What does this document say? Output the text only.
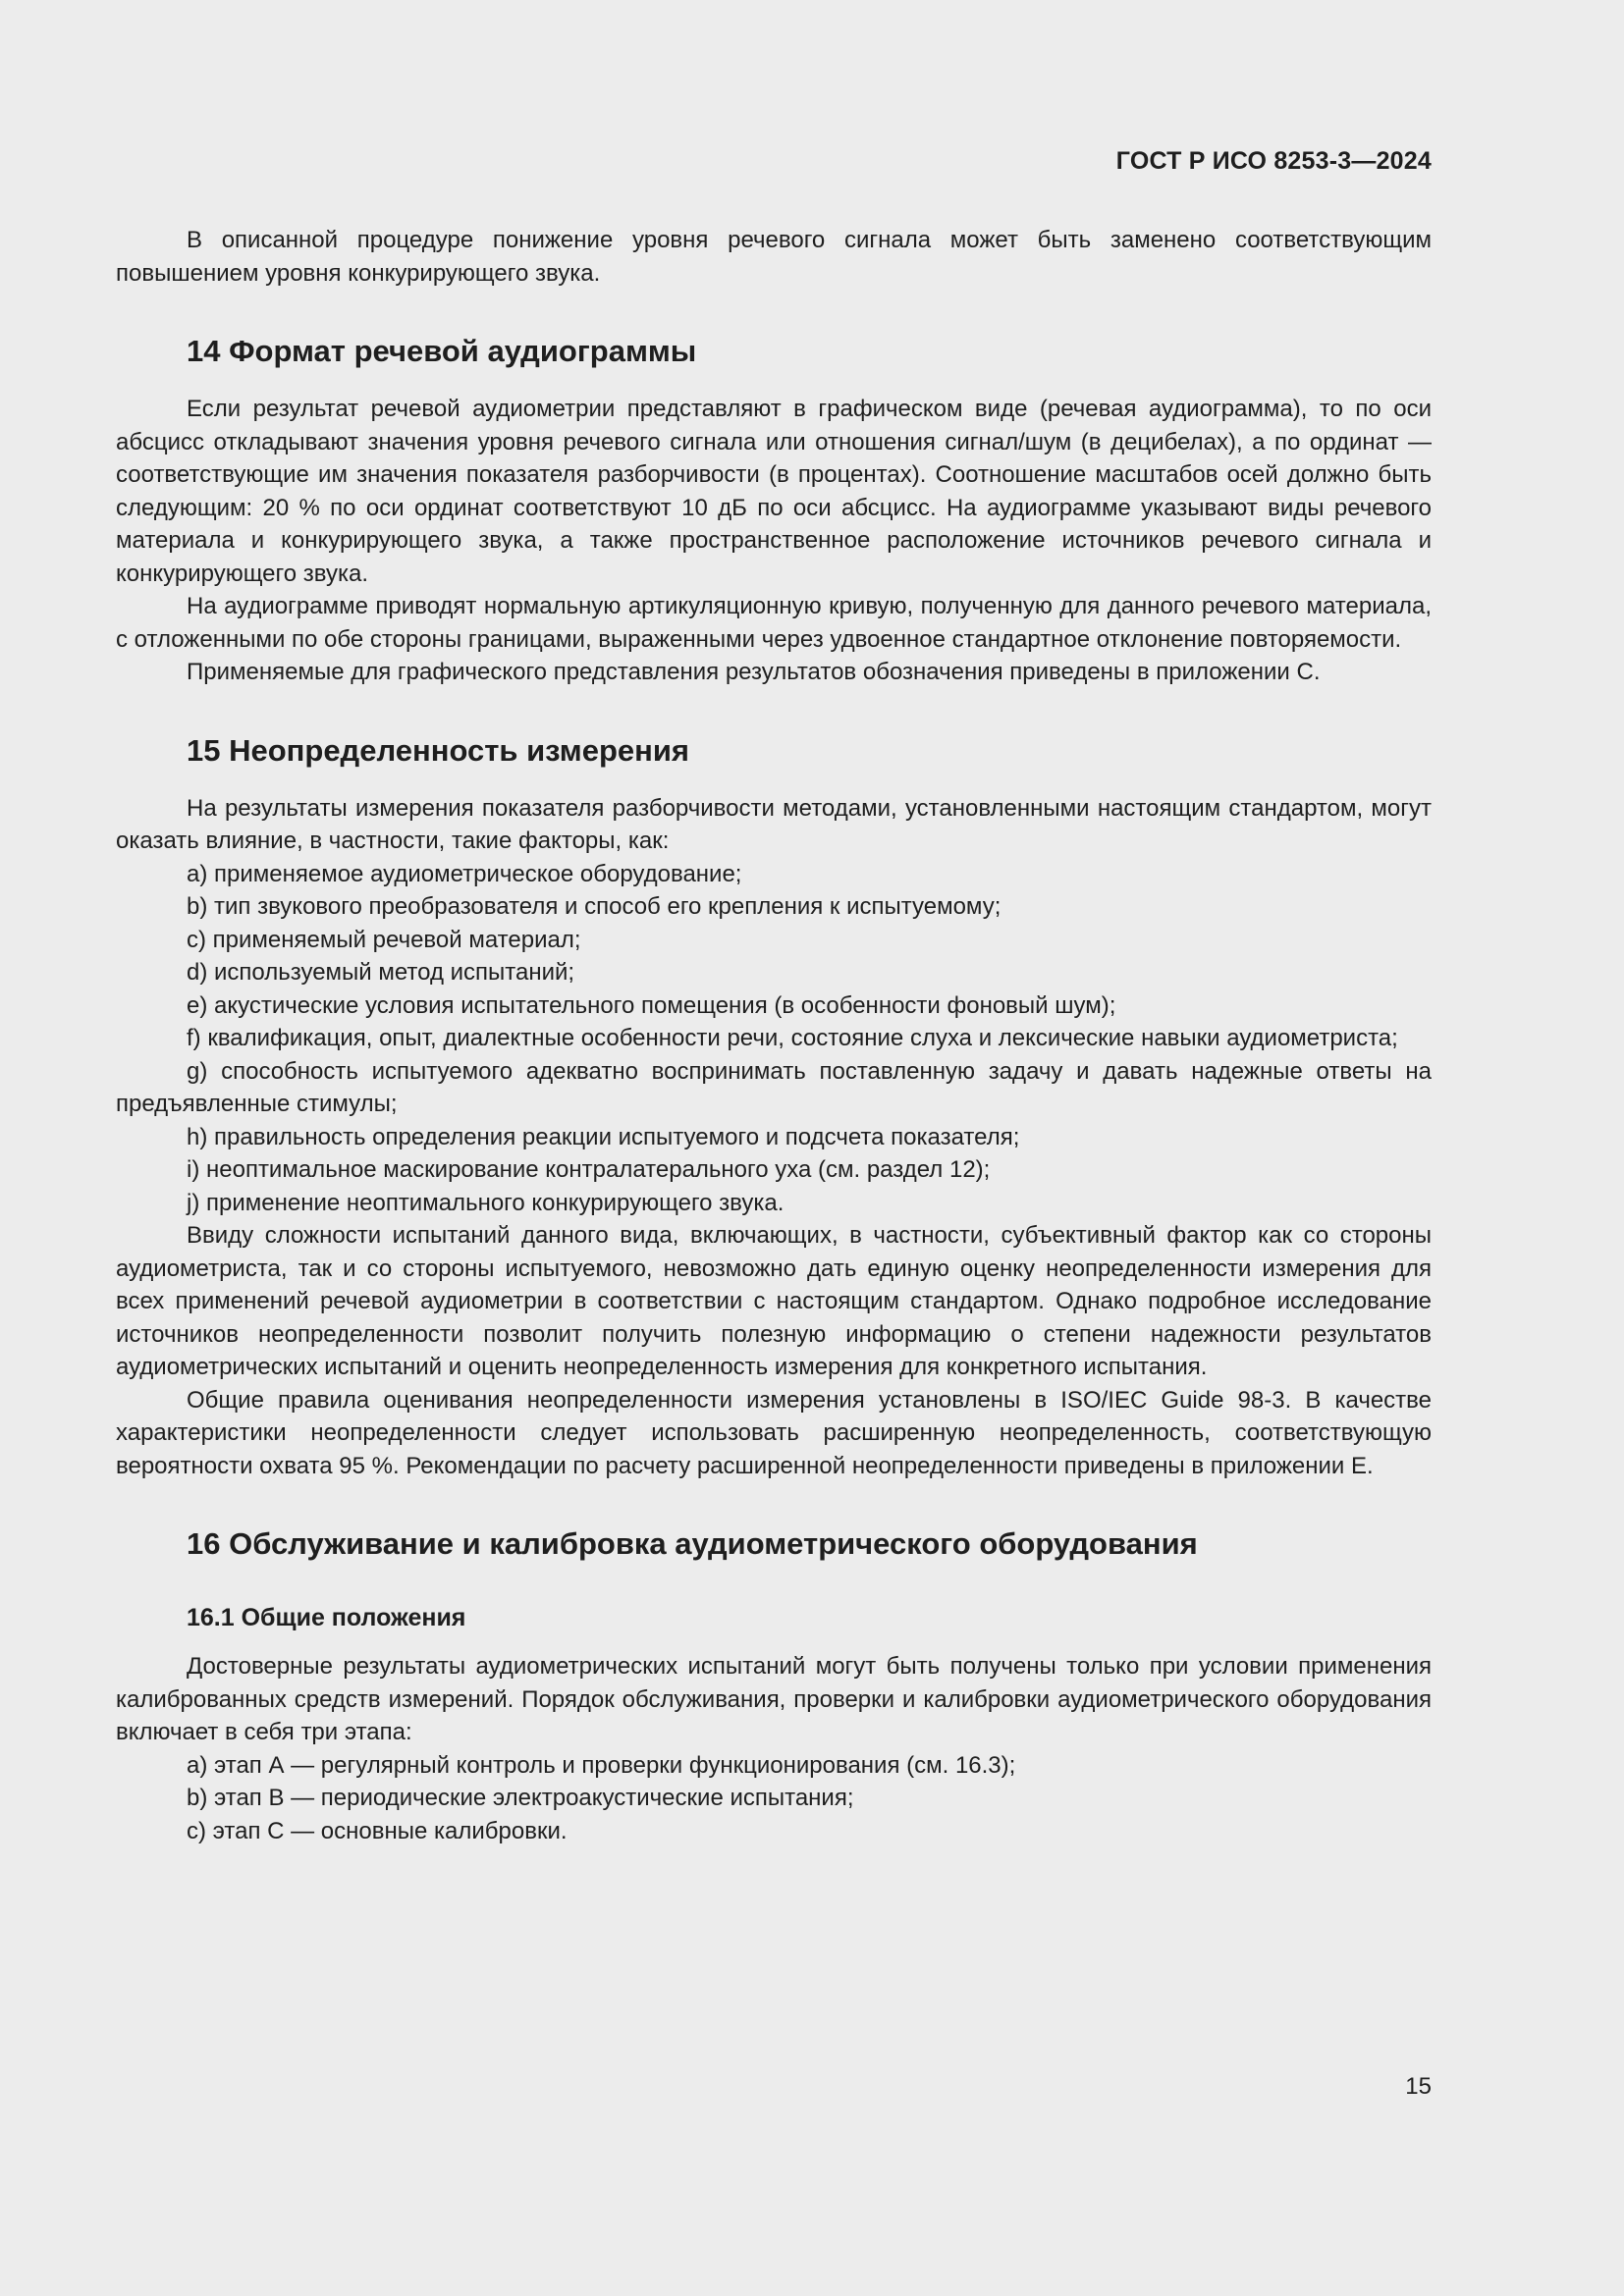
ГОСТ Р ИСО 8253-3—2024

В описанной процедуре понижение уровня речевого сигнала может быть заменено соответствующим повышением уровня конкурирующего звука.

14 Формат речевой аудиограммы

Если результат речевой аудиометрии представляют в графическом виде (речевая аудиограмма), то по оси абсцисс откладывают значения уровня речевого сигнала или отношения сигнал/шум (в децибелах), а по ординат — соответствующие им значения показателя разборчивости (в процентах). Соотношение масштабов осей должно быть следующим: 20 % по оси ординат соответствуют 10 дБ по оси абсцисс. На аудиограмме указывают виды речевого материала и конкурирующего звука, а также пространственное расположение источников речевого сигнала и конкурирующего звука.

На аудиограмме приводят нормальную артикуляционную кривую, полученную для данного речевого материала, с отложенными по обе стороны границами, выраженными через удвоенное стандартное отклонение повторяемости.

Применяемые для графического представления результатов обозначения приведены в приложении С.

15 Неопределенность измерения

На результаты измерения показателя разборчивости методами, установленными настоящим стандартом, могут оказать влияние, в частности, такие факторы, как:

a) применяемое аудиометрическое оборудование;

b) тип звукового преобразователя и способ его крепления к испытуемому;

c) применяемый речевой материал;

d) используемый метод испытаний;

e) акустические условия испытательного помещения (в особенности фоновый шум);

f) квалификация, опыт, диалектные особенности речи, состояние слуха и лексические навыки аудиометриста;

g) способность испытуемого адекватно воспринимать поставленную задачу и давать надежные ответы на предъявленные стимулы;

h) правильность определения реакции испытуемого и подсчета показателя;

i) неоптимальное маскирование контралатерального уха (см. раздел 12);

j) применение неоптимального конкурирующего звука.

Ввиду сложности испытаний данного вида, включающих, в частности, субъективный фактор как со стороны аудиометриста, так и со стороны испытуемого, невозможно дать единую оценку неопределенности измерения для всех применений речевой аудиометрии в соответствии с настоящим стандартом. Однако подробное исследование источников неопределенности позволит получить полезную информацию о степени надежности результатов аудиометрических испытаний и оценить неопределенность измерения для конкретного испытания.

Общие правила оценивания неопределенности измерения установлены в ISO/IEC Guide 98-3. В качестве характеристики неопределенности следует использовать расширенную неопределенность, соответствующую вероятности охвата 95 %. Рекомендации по расчету расширенной неопределенности приведены в приложении Е.

16 Обслуживание и калибровка аудиометрического оборудования
16.1 Общие положения

Достоверные результаты аудиометрических испытаний могут быть получены только при условии применения калиброванных средств измерений. Порядок обслуживания, проверки и калибровки аудиометрического оборудования включает в себя три этапа:

a) этап А — регулярный контроль и проверки функционирования (см. 16.3);

b) этап В — периодические электроакустические испытания;

c) этап С — основные калибровки.

15
